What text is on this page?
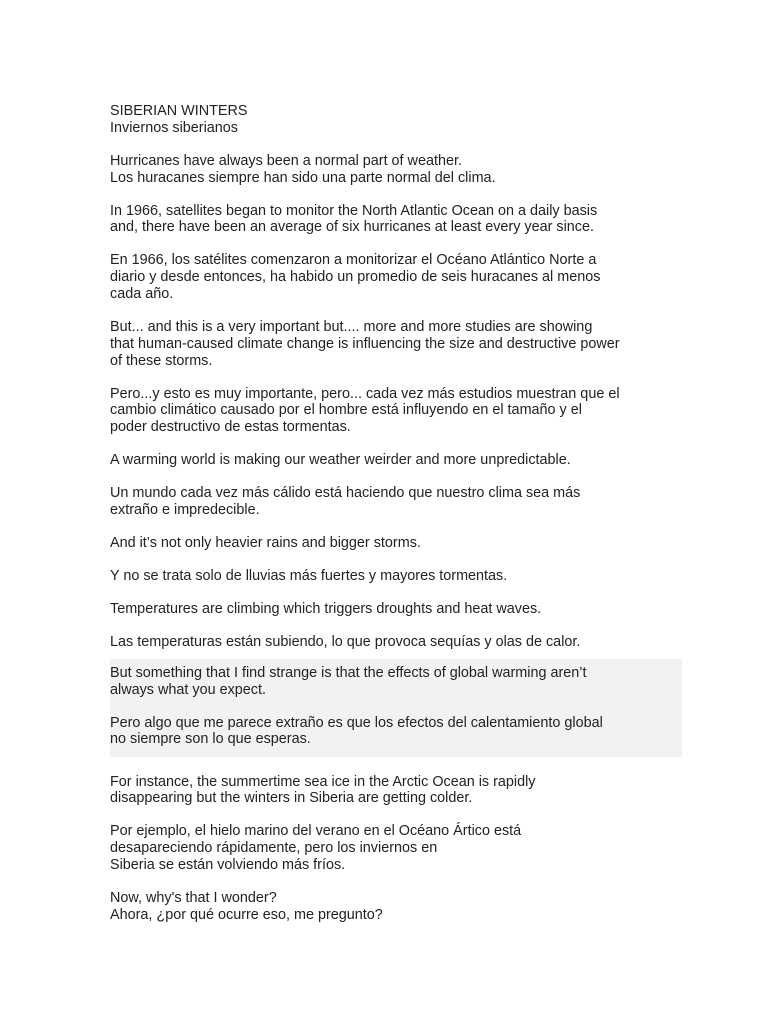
SIBERIAN WINTERS
Inviernos siberianos
Hurricanes have always been a normal part of weather.
Los huracanes siempre han sido una parte normal del clima.
In 1966, satellites began to monitor the North Atlantic Ocean on a daily basis
and, there have been an average of six hurricanes at least every year since.
En 1966, los satélites comenzaron a monitorizar el Océano Atlántico Norte a
diario y desde entonces, ha habido un promedio de seis huracanes al menos
cada año.
But... and this is a very important but.... more and more studies are showing
that human-caused climate change is influencing the size and destructive power
of these storms.
Pero...y esto es muy importante, pero... cada vez más estudios muestran que el
cambio climático causado por el hombre está influyendo en el tamaño y el
poder destructivo de estas tormentas.
A warming world is making our weather weirder and more unpredictable.
Un mundo cada vez más cálido está haciendo que nuestro clima sea más
extraño e impredecible.
And it’s not only heavier rains and bigger storms.
Y no se trata solo de lluvias más fuertes y mayores tormentas.
Temperatures are climbing which triggers droughts and heat waves.
Las temperaturas están subiendo, lo que provoca sequías y olas de calor.
But something that I find strange is that the effects of global warming aren’t
always what you expect.
Pero algo que me parece extraño es que los efectos del calentamiento global
no siempre son lo que esperas.
For instance, the summertime sea ice in the Arctic Ocean is rapidly
disappearing but the winters in Siberia are getting colder.
Por ejemplo, el hielo marino del verano en el Océano Ártico está
desapareciendo rápidamente, pero los inviernos en
Siberia se están volviendo más fríos.
Now, why's that I wonder?
Ahora, ¿por qué ocurre eso, me pregunto?
